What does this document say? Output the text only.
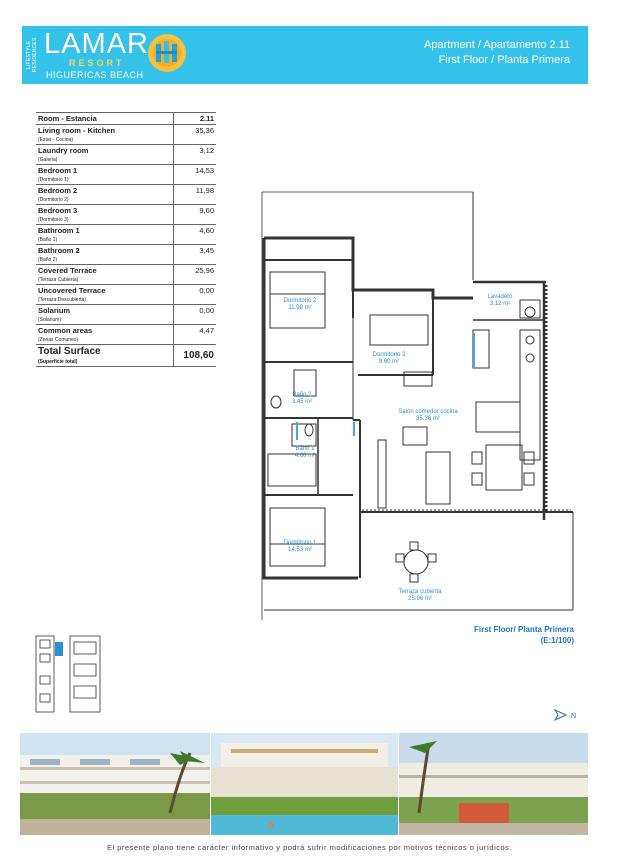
LIFESTYLE RESIDENCES LAMAR
RESORT
HIGUERICAS BEACH
Apartment / Apartamento 2.11
First Floor / Planta Primera
Room - Estancia	2.11
Living room - Kitchen
(Estar - Cocina)	35,36
Laundry room
(Galeria)	3,12
Bedroom 1
(Dormitorio 1)	14,53
Bedroom 2
(Dormitorio 2)	11,98
Bedroom 3
(Dormitorio 3)	9,60
Bathroom 1
(Baño 1)	4,60
Bathroom 2
(Baño 2)	3,45
Covered Terrace
(Terraza Cubierta)	25,96
Uncovered Terrace
(Terraza Descubierta)	0,00
Solarium
(Solarium)	0,00
Common areas
(Zonas Comunes)	4,47
Total Surface
(Superficie total)	108,60
Dormitorio 2
11.98 m²
Dormitorio 3
9.60 m²
Lavadero
3.12 m²
Baño 2
3.45 m²
Salón comedor cocina
35.36 m²
Baño 1
4.60 m²
Dormitorio 1
14.53 m²
Terraza cubierta
25.96 m²
First Floor/ Planta Primera
(E:1/100)
N
El presente plano tiene carácter informativo y podrá sufrir modificaciones por motivos técnicos o jurídicos.
